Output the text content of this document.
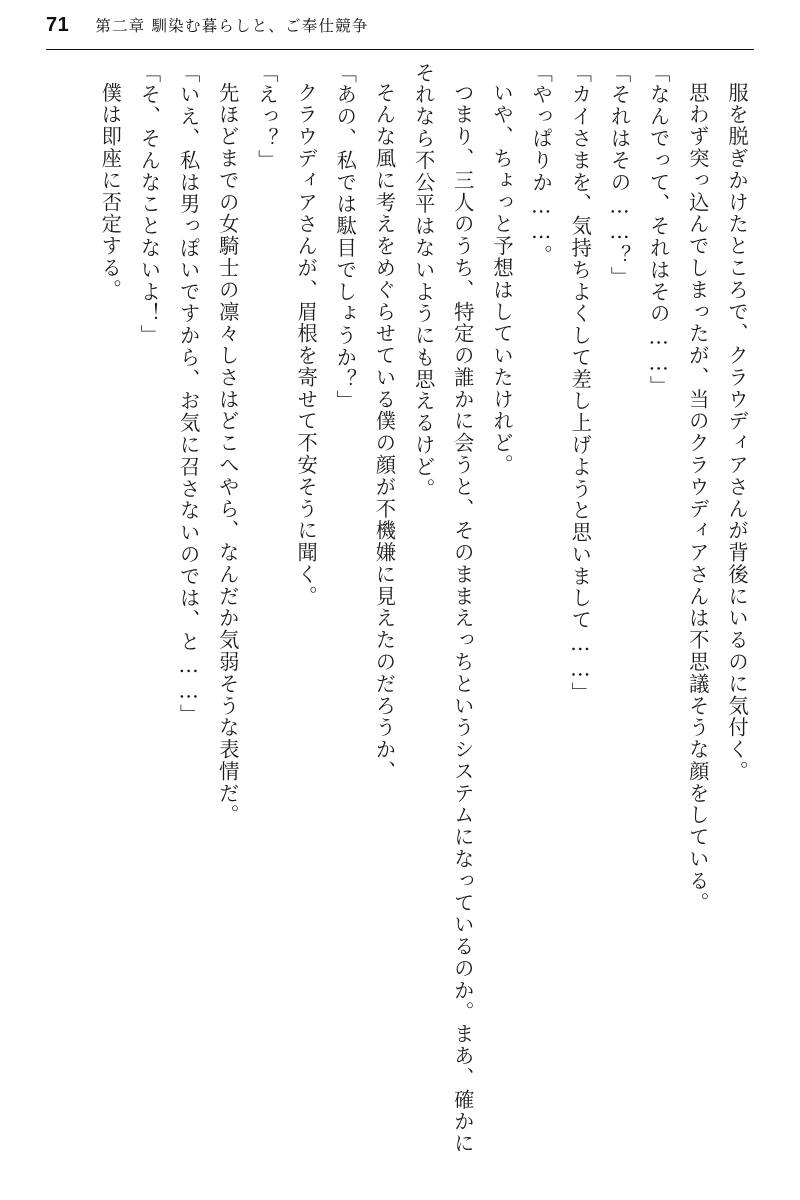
71 第二章 馴染む暮らしと、ご奉仕競争

服を脱ぎかけたところで、クラウディアさんが背後にいるのに気付く。

思わず突っ込んでしまったが、当のクラウディアさんは不思議そうな顔をしている。

「なんでって、それはその……」

「それはその……？」

「カイさまを、気持ちよくして差し上げようと思いまして……」

「やっぱりか……。

いや、ちょっと予想はしていたけれど。

つまり、三人のうち、特定の誰かに会うと、そのままえっちというシステムになっているのか。まあ、確かにそれなら不公平はないようにも思えるけど。

そんな風に考えをめぐらせている僕の顔が不機嫌に見えたのだろうか、

「あの、私では駄目でしょうか？」

クラウディアさんが、眉根を寄せて不安そうに聞く。

「えっ？」

先ほどまでの女騎士の凛々しさはどこへやら、なんだか気弱そうな表情だ。

「いえ、私は男っぽいですから、お気に召さないのでは、と……」

「そ、そんなことないよ！」

僕は即座に否定する。
